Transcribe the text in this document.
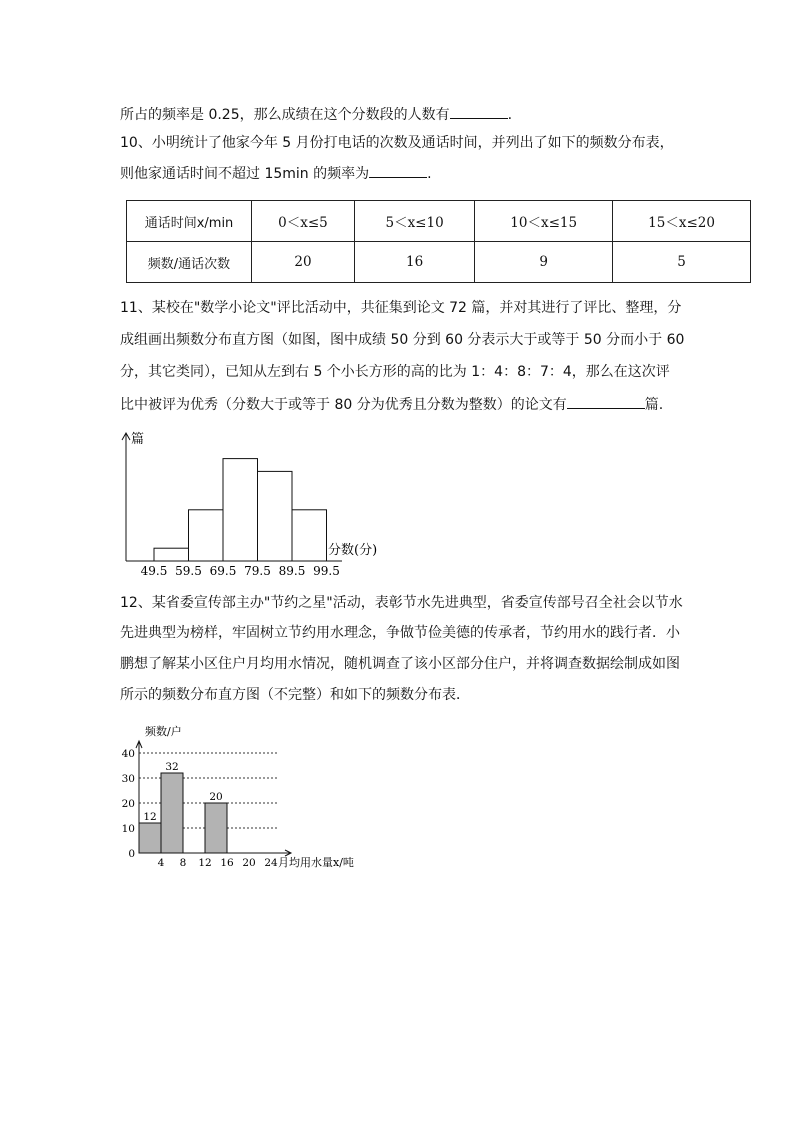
所占的频率是 0.25，那么成绩在这个分数段的人数有	.
10、小明统计了他家今年 5 月份打电话的次数及通话时间，并列出了如下的频数分布表，
则他家通话时间不超过 15min 的频率为	.
通话时间x/min	0＜x≤5	5＜x≤10	10＜x≤15	15＜x≤20
频数/通话次数	20	16	9	5
11、某校在"数学小论文"评比活动中，共征集到论文 72 篇，并对其进行了评比、整理，分
成组画出频数分布直方图（如图，图中成绩 50 分到 60 分表示大于或等于 50 分而小于 60
分，其它类同），已知从左到右 5 个小长方形的高的比为 1：4：8：7：4，那么在这次评
比中被评为优秀（分数大于或等于 80 分为优秀且分数为整数）的论文有	篇.
49.5 59.5 69.5 79.5 89.5 99.5
篇
分数(分)
12、某省委宣传部主办"节约之星"活动，表彰节水先进典型，省委宣传部号召全社会以节水
先进典型为榜样，牢固树立节约用水理念，争做节俭美德的传承者，节约用水的践行者．小
鹏想了解某小区住户月均用水情况，随机调查了该小区部分住户，并将调查数据绘制成如图
所示的频数分布直方图（不完整）和如下的频数分布表．
12
32
20
0
10
20
30
40
4 8 12 16 20 24
频数/户
月均用水量x/吨
